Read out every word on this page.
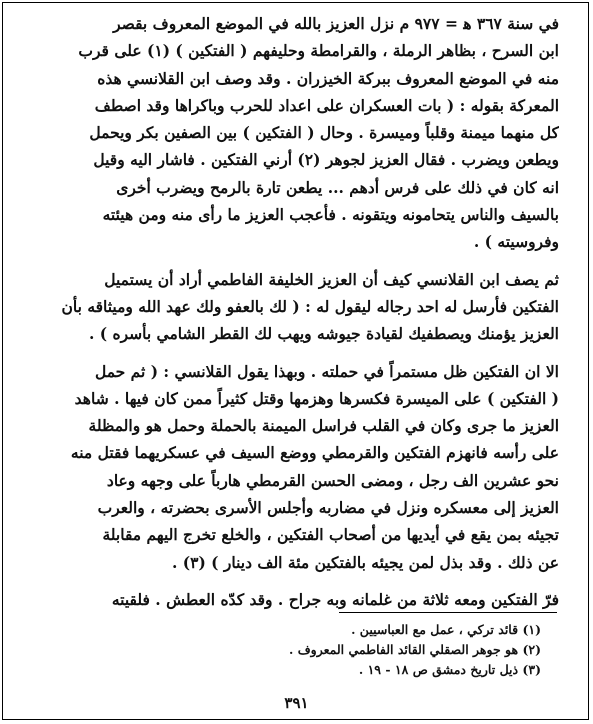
ﻓﻲ سنة ٣٦٧ ﻫ = ٩٧٧ م نزل العزيز بالله في الموضع المعروف بقصر
ابن السرح ، بظاهر الرملة ، والقرامطة وحليفهم ( الفتكين ) (١) على قرب
منه في الموضع المعروف ببركة الخيزران . وقد وصف ابن القلانسي هذه
المعركة بقوله : ( بات العسكران على اعداد للحرب وباكراها وقد اصطف
كل منهما ميمنة وقلباً وميسرة . وحال ( الفتكين ) بين الصفين بكر ويحمل
ويطعن ويضرب . فقال العزيز لجوهر (٢) أرني الفتكين . فاشار اليه وقيل
انه كان في ذلك على فرس أدهم ... يطعن تارة بالرمح ويضرب أخرى
بالسيف والناس يتحامونه ويتقونه . فأعجب العزيز ما رأى منه ومن هيئته
وفروسيته ) .

ثم يصف ابن القلانسي كيف أن العزيز الخليفة الفاطمي أراد أن يستميل
الفتكين فأرسل له احد رجاله ليقول له : ( لك بالعفو ولك عهد الله وميثاقه بأن
العزيز يؤمنك ويصطفيك لقيادة جيوشه ويهب لك القطر الشامي بأسره ) .

الا ان الفتكين ظل مستمراً في حملته . وبهذا يقول القلانسي : ( ثم حمل
( الفتكين ) على الميسرة فكسرها وهزمها وقتل كثيراً ممن كان فيها . شاهد
العزيز ما جرى وكان في القلب فراسل الميمنة بالحملة وحمل هو والمظلة
على رأسه فانهزم الفتكين والقرمطي ووضع السيف في عسكريهما فقتل منه
نحو عشرين الف رجل ، ومضى الحسن القرمطي هارباً على وجهه وعاد
العزيز إلى معسكره ونزل في مضاربه وأجلس الأسرى بحضرته ، والعرب
تجيئه بمن يقع في أيديها من أصحاب الفتكين ، والخلع تخرج اليهم مقابلة
عن ذلك . وقد بذل لمن يجيئه بالفتكين مئة الف دينار ) (٣) .

فرّ الفتكين ومعه ثلاثة من غلمانه وبه جراح . وقد كدّه العطش . فلقيته

(١) قائد تركي ، عمل مع العباسيين .
(٢) هو جوهر الصقلي القائد الفاطمي المعروف .
(٣) ذيل تاريخ دمشق ص ١٨ - ١٩ .
٣٩١
